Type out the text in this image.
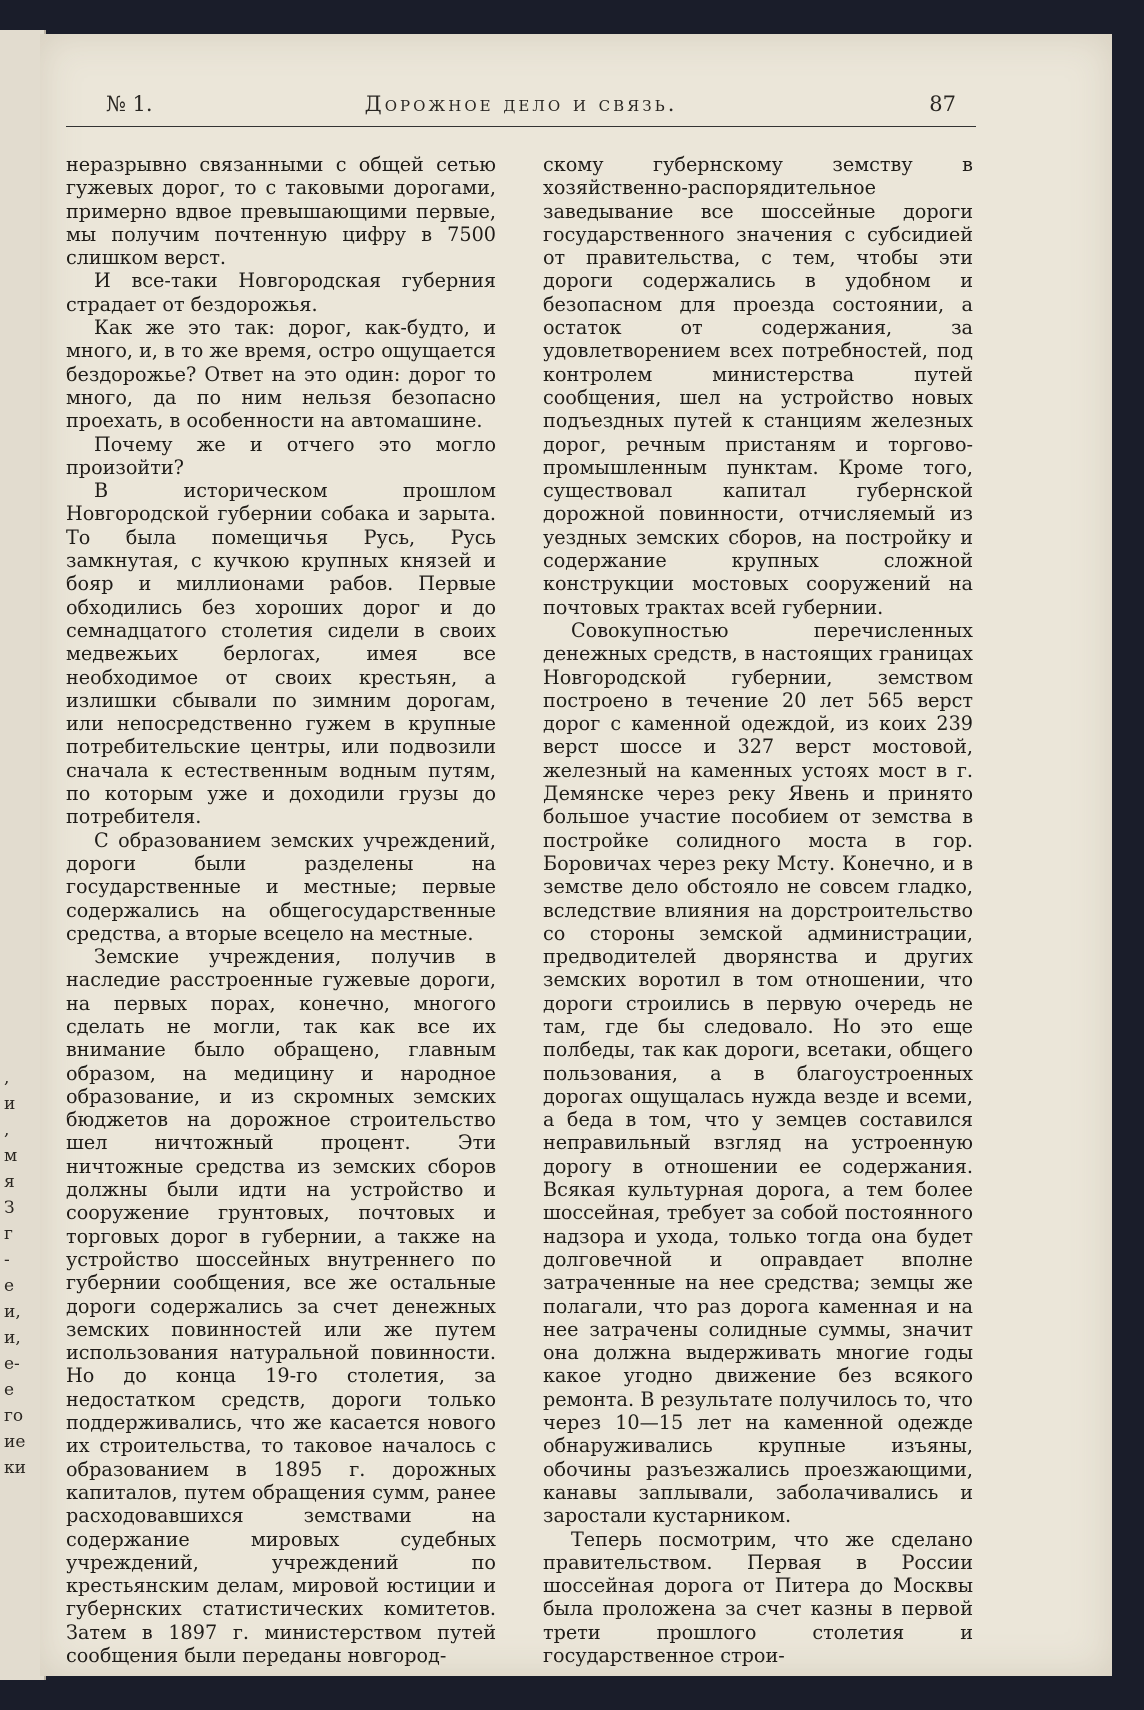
,
и
,
м
я
З
г
-
е
и,
и,
е-
е
го
ие
ки
№ 1.	Дорожное дело и связь.	87

неразрывно связанными с общей сетью гужевых дорог, то с таковыми дорогами, примерно вдвое превышающими первые, мы получим почтенную цифру в 7500 слишком верст.

И все-таки Новгородская губерния страдает от бездорожья.

Как же это так: дорог, как-будто, и много, и, в то же время, остро ощущается бездорожье? Ответ на это один: дорог то много, да по ним нельзя безопасно проехать, в особенности на автомашине.

Почему же и отчего это могло произойти?

В историческом прошлом Новгородской губернии собака и зарыта. То была помещичья Русь, Русь замкнутая, с кучкою крупных князей и бояр и миллионами рабов. Первые обходились без хороших дорог и до семнадцатого столетия сидели в своих медвежьих берлогах, имея все необходимое от своих крестьян, а излишки сбывали по зимним дорогам, или непосредственно гужем в крупные потребительские центры, или подвозили сначала к естественным водным путям, по которым уже и доходили грузы до потребителя.

С образованием земских учреждений, дороги были разделены на государственные и местные; первые содержались на общегосударственные средства, а вторые всецело на местные.

Земские учреждения, получив в наследие расстроенные гужевые дороги, на первых порах, конечно, многого сделать не могли, так как все их внимание было обращено, главным образом, на медицину и народное образование, и из скромных земских бюджетов на дорожное строительство шел ничтожный процент. Эти ничтожные средства из земских сборов должны были идти на устройство и сооружение грунтовых, почтовых и торговых дорог в губернии, а также на устройство шоссейных внутреннего по губернии сообщения, все же остальные дороги содержались за счет денежных земских повинностей или же путем использования натуральной повинности. Но до конца 19-го столетия, за недостатком средств, дороги только поддерживались, что же касается нового их строительства, то таковое началось с образованием в 1895 г. дорожных капиталов, путем обращения сумм, ранее расходовавшихся земствами на содержание мировых судебных учреждений, учреждений по крестьянским делам, мировой юстиции и губернских статистических комитетов. Затем в 1897 г. министерством путей сообщения были переданы новгород-

скому губернскому земству в хозяйственно-распорядительное заведывание все шоссейные дороги государственного значения с субсидией от правительства, с тем, чтобы эти дороги содержались в удобном и безопасном для проезда состоянии, а остаток от содержания, за удовлетворением всех потребностей, под контролем министерства путей сообщения, шел на устройство новых подъездных путей к станциям железных дорог, речным пристаням и торгово-промышленным пунктам. Кроме того, существовал капитал губернской дорожной повинности, отчисляемый из уездных земских сборов, на постройку и содержание крупных сложной конструкции мостовых сооружений на почтовых трактах всей губернии.

Совокупностью перечисленных денежных средств, в настоящих границах Новгородской губернии, земством построено в течение 20 лет 565 верст дорог с каменной одеждой, из коих 239 верст шоссе и 327 верст мостовой, железный на каменных устоях мост в г. Демянске через реку Явень и принято большое участие пособием от земства в постройке солидного моста в гор. Боровичах через реку Мсту. Конечно, и в земстве дело обстояло не совсем гладко, вследствие влияния на дорстроительство со стороны земской администрации, предводителей дворянства и других земских воротил в том отношении, что дороги строились в первую очередь не там, где бы следовало. Но это еще полбеды, так как дороги, всетаки, общего пользования, а в благоустроенных дорогах ощущалась нужда везде и всеми, а беда в том, что у земцев составился неправильный взгляд на устроенную дорогу в отношении ее содержания. Всякая культурная дорога, а тем более шоссейная, требует за собой постоянного надзора и ухода, только тогда она будет долговечной и оправдает вполне затраченные на нее средства; земцы же полагали, что раз дорога каменная и на нее затрачены солидные суммы, значит она должна выдерживать многие годы какое угодно движение без всякого ремонта. В результате получилось то, что через 10—15 лет на каменной одежде обнаруживались крупные изъяны, обочины разъезжались проезжающими, канавы заплывали, заболачивались и заростали кустарником.

Теперь посмотрим, что же сделано правительством. Первая в России шоссейная дорога от Питера до Москвы была проложена за счет казны в первой трети прошлого столетия и государственное строи-
